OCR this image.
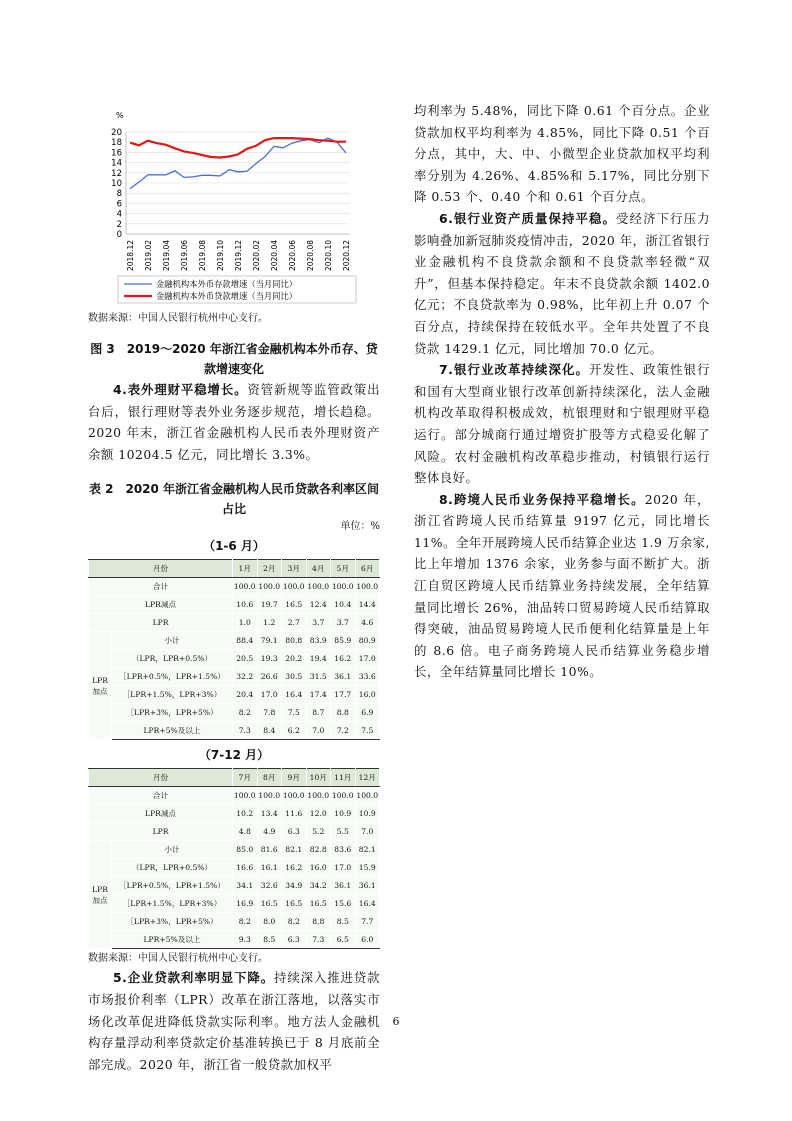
%
0
2
4
6
8
10
12
14
16
18
20
2018.12 2019.02 2019.04 2019.06 2019.08 2019.10 2019.12 2020.02 2020.04 2020.06 2020.08 2020.10 2020.12
金融机构本外币存款增速（当月同比）
金融机构本外币贷款增速（当月同比）

数据来源：中国人民银行杭州中心支行。

图 3　2019～2020 年浙江省金融机构本外币存、贷款增速变化

4.表外理财平稳增长。资管新规等监管政策出台后，银行理财等表外业务逐步规范，增长趋稳。2020 年末，浙江省金融机构人民币表外理财资产余额 10204.5 亿元，同比增长 3.3%。

表 2　2020 年浙江省金融机构人民币贷款各利率区间占比

单位：%

（1-6 月）

月份		1月	2月	3月	4月	5月	6月
合计		100.0	100.0	100.0	100.0	100.0	100.0
LPR减点		10.6	19.7	16.5	12.4	10.4	14.4
LPR		1.0	1.2	2.7	3.7	3.7	4.6
LPR加点	小计	88.4	79.1	80.8	83.9	85.9	80.9
	（LPR，LPR+0.5%）	20.5	19.3	20.2	19.4	16.2	17.0
	［LPR+0.5%，LPR+1.5%）	32.2	26.6	30.5	31.5	36.1	33.6
	［LPR+1.5%，LPR+3%）	20.4	17.0	16.4	17.4	17.7	16.0
	［LPR+3%，LPR+5%）	8.2	7.8	7.5	8.7	8.8	6.9
	LPR+5%及以上	7.3	8.4	6.2	7.0	7.2	7.5

（7-12 月）

月份		7月	8月	9月	10月	11月	12月
合计		100.0	100.0	100.0	100.0	100.0	100.0
LPR减点		10.2	13.4	11.6	12.0	10.9	10.9
LPR		4.8	4.9	6.3	5.2	5.5	7.0
LPR加点	小计	85.0	81.6	82.1	82.8	83.6	82.1
	（LPR，LPR+0.5%）	16.6	16.1	16.2	16.0	17.0	15.9
	［LPR+0.5%，LPR+1.5%）	34.1	32.6	34.9	34.2	36.1	36.1
	［LPR+1.5%，LPR+3%）	16.9	16.5	16.5	16.5	15.6	16.4
	［LPR+3%，LPR+5%）	8.2	8.0	8.2	8.8	8.5	7.7
	LPR+5%及以上	9.3	8.5	6.3	7.3	6.5	6.0

数据来源：中国人民银行杭州中心支行。

5.企业贷款利率明显下降。持续深入推进贷款市场报价利率（LPR）改革在浙江落地，以落实市场化改革促进降低贷款实际利率。地方法人金融机构存量浮动利率贷款定价基准转换已于 8 月底前全部完成。2020 年，浙江省一般贷款加权平

均利率为 5.48%，同比下降 0.61 个百分点。企业贷款加权平均利率为 4.85%，同比下降 0.51 个百分点，其中，大、中、小微型企业贷款加权平均利率分别为 4.26%、4.85%和 5.17%，同比分别下降 0.53 个、0.40 个和 0.61 个百分点。

6.银行业资产质量保持平稳。受经济下行压力影响叠加新冠肺炎疫情冲击，2020 年，浙江省银行业金融机构不良贷款余额和不良贷款率轻微“双升”，但基本保持稳定。年末不良贷款余额 1402.0 亿元；不良贷款率为 0.98%，比年初上升 0.07 个百分点，持续保持在较低水平。全年共处置了不良贷款 1429.1 亿元，同比增加 70.0 亿元。

7.银行业改革持续深化。开发性、政策性银行和国有大型商业银行改革创新持续深化，法人金融机构改革取得积极成效，杭银理财和宁银理财平稳运行。部分城商行通过增资扩股等方式稳妥化解了风险。农村金融机构改革稳步推动，村镇银行运行整体良好。

8.跨境人民币业务保持平稳增长。2020 年，浙江省跨境人民币结算量 9197 亿元，同比增长 11%。全年开展跨境人民币结算企业达 1.9 万余家,比上年增加 1376 余家，业务参与面不断扩大。浙江自贸区跨境人民币结算业务持续发展，全年结算量同比增长 26%，油品转口贸易跨境人民币结算取得突破，油品贸易跨境人民币便利化结算量是上年的 8.6 倍。电子商务跨境人民币结算业务稳步增长，全年结算量同比增长 10%。

6
